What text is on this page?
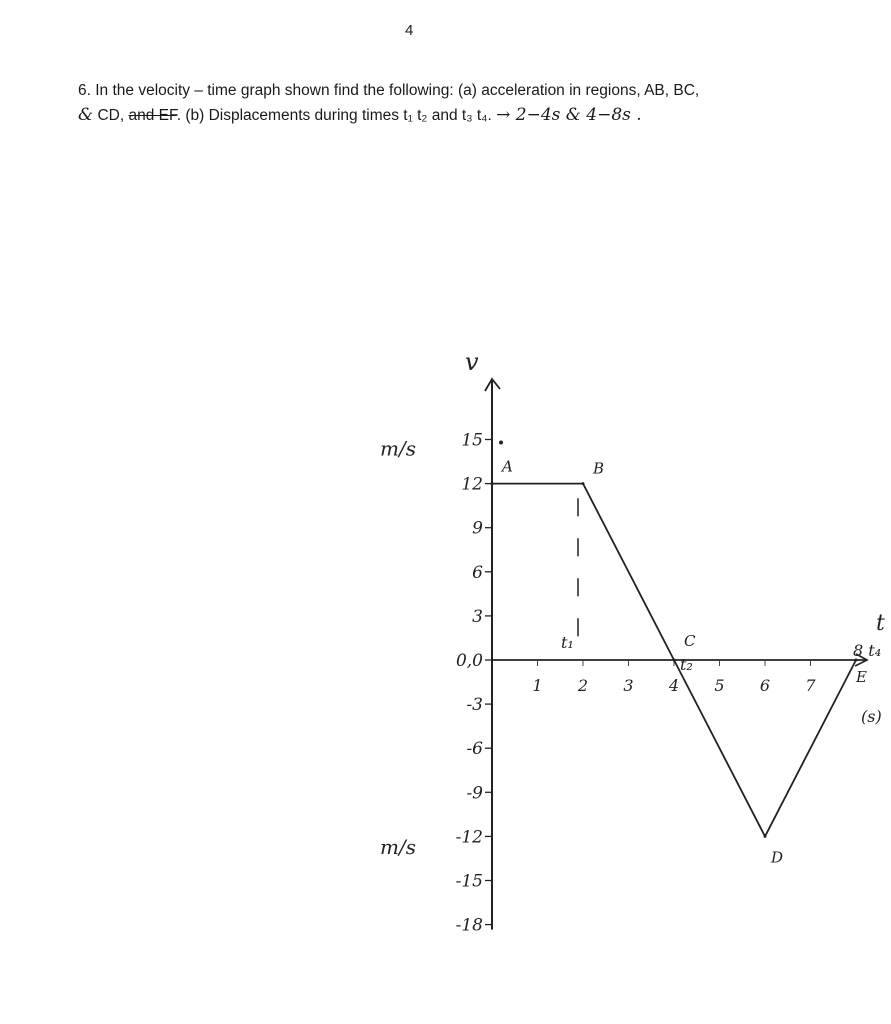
4
6. In the velocity – time graph shown find the following: (a) acceleration in regions, AB, BC,
& CD, and EF. (b) Displacements during times t₁ t₂ and t₃ t₄. → 2−4s & 4−8s .
15
12
9
6
3
0,0
-3
-6
-9
-12
-15
-18
1 2 3 4 5 6 7
A	B
C
D
E
t₁
t₂
8 t₄
t
(s)
v
m/s
m/s
